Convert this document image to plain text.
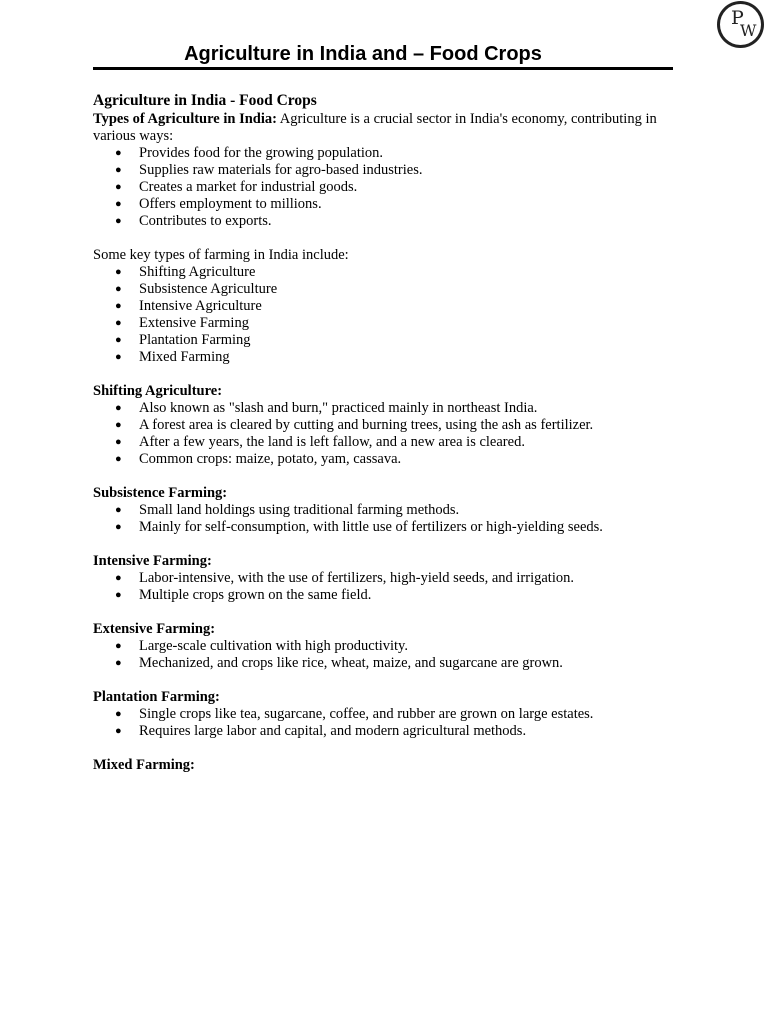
P
W
Agriculture in India and – Food Crops

Agriculture in India - Food Crops

Types of Agriculture in India: Agriculture is a crucial sector in India's economy, contributing in various ways:

● Provides food for the growing population.
● Supplies raw materials for agro-based industries.
● Creates a market for industrial goods.
● Offers employment to millions.
● Contributes to exports.

Some key types of farming in India include:

● Shifting Agriculture
● Subsistence Agriculture
● Intensive Agriculture
● Extensive Farming
● Plantation Farming
● Mixed Farming

Shifting Agriculture:

● Also known as "slash and burn," practiced mainly in northeast India.
● A forest area is cleared by cutting and burning trees, using the ash as fertilizer.
● After a few years, the land is left fallow, and a new area is cleared.
● Common crops: maize, potato, yam, cassava.

Subsistence Farming:

● Small land holdings using traditional farming methods.
● Mainly for self-consumption, with little use of fertilizers or high-yielding seeds.

Intensive Farming:

● Labor-intensive, with the use of fertilizers, high-yield seeds, and irrigation.
● Multiple crops grown on the same field.

Extensive Farming:

● Large-scale cultivation with high productivity.
● Mechanized, and crops like rice, wheat, maize, and sugarcane are grown.

Plantation Farming:

● Single crops like tea, sugarcane, coffee, and rubber are grown on large estates.
● Requires large labor and capital, and modern agricultural methods.

Mixed Farming:
